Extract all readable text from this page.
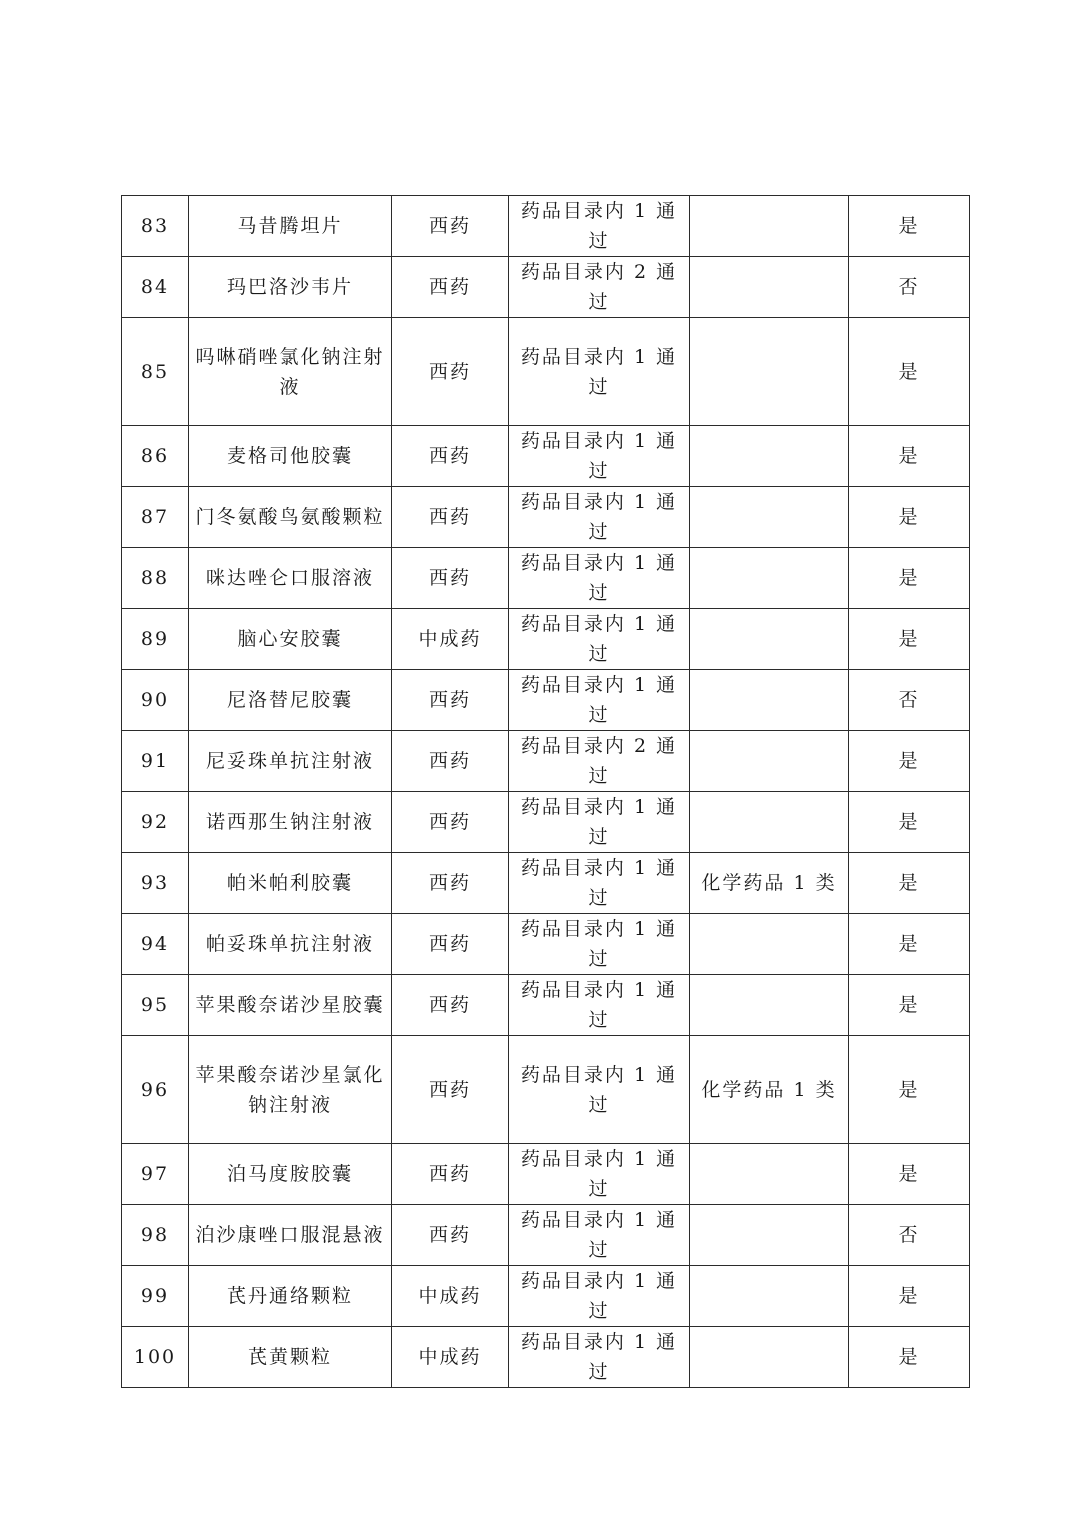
83	马昔腾坦片	西药	药品目录内 1 通过		是
84	玛巴洛沙韦片	西药	药品目录内 2 通过		否
85	吗啉硝唑氯化钠注射液	西药	药品目录内 1 通过		是
86	麦格司他胶囊	西药	药品目录内 1 通过		是
87	门冬氨酸鸟氨酸颗粒	西药	药品目录内 1 通过		是
88	咪达唑仑口服溶液	西药	药品目录内 1 通过		是
89	脑心安胶囊	中成药	药品目录内 1 通过		是
90	尼洛替尼胶囊	西药	药品目录内 1 通过		否
91	尼妥珠单抗注射液	西药	药品目录内 2 通过		是
92	诺西那生钠注射液	西药	药品目录内 1 通过		是
93	帕米帕利胶囊	西药	药品目录内 1 通过	化学药品 1 类	是
94	帕妥珠单抗注射液	西药	药品目录内 1 通过		是
95	苹果酸奈诺沙星胶囊	西药	药品目录内 1 通过		是
96	苹果酸奈诺沙星氯化钠注射液	西药	药品目录内 1 通过	化学药品 1 类	是
97	泊马度胺胶囊	西药	药品目录内 1 通过		是
98	泊沙康唑口服混悬液	西药	药品目录内 1 通过		否
99	芪丹通络颗粒	中成药	药品目录内 1 通过		是
100	芪黄颗粒	中成药	药品目录内 1 通过		是
